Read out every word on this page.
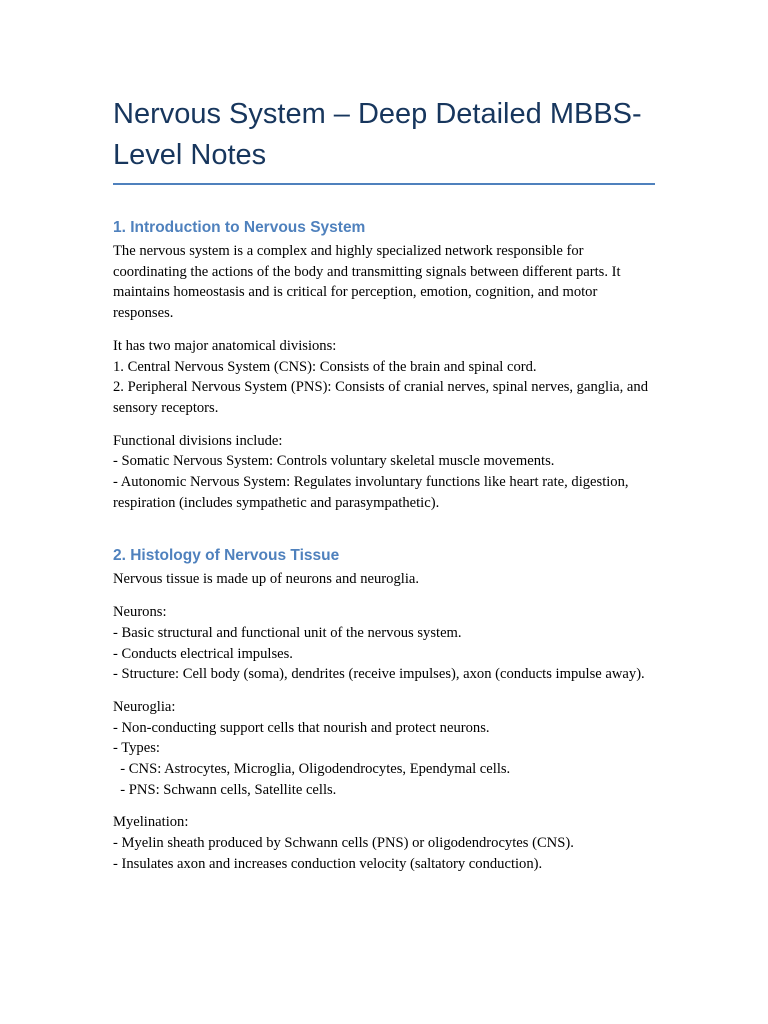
Nervous System – Deep Detailed MBBS-Level Notes
1. Introduction to Nervous System

The nervous system is a complex and highly specialized network responsible for coordinating the actions of the body and transmitting signals between different parts. It maintains homeostasis and is critical for perception, emotion, cognition, and motor responses.

It has two major anatomical divisions:
1. Central Nervous System (CNS): Consists of the brain and spinal cord.
2. Peripheral Nervous System (PNS): Consists of cranial nerves, spinal nerves, ganglia, and sensory receptors.

Functional divisions include:
- Somatic Nervous System: Controls voluntary skeletal muscle movements.
- Autonomic Nervous System: Regulates involuntary functions like heart rate, digestion, respiration (includes sympathetic and parasympathetic).

2. Histology of Nervous Tissue

Nervous tissue is made up of neurons and neuroglia.

Neurons:
- Basic structural and functional unit of the nervous system.
- Conducts electrical impulses.
- Structure: Cell body (soma), dendrites (receive impulses), axon (conducts impulse away).

Neuroglia:
- Non-conducting support cells that nourish and protect neurons.
- Types:
- CNS: Astrocytes, Microglia, Oligodendrocytes, Ependymal cells.
- PNS: Schwann cells, Satellite cells.

Myelination:
- Myelin sheath produced by Schwann cells (PNS) or oligodendrocytes (CNS).
- Insulates axon and increases conduction velocity (saltatory conduction).
